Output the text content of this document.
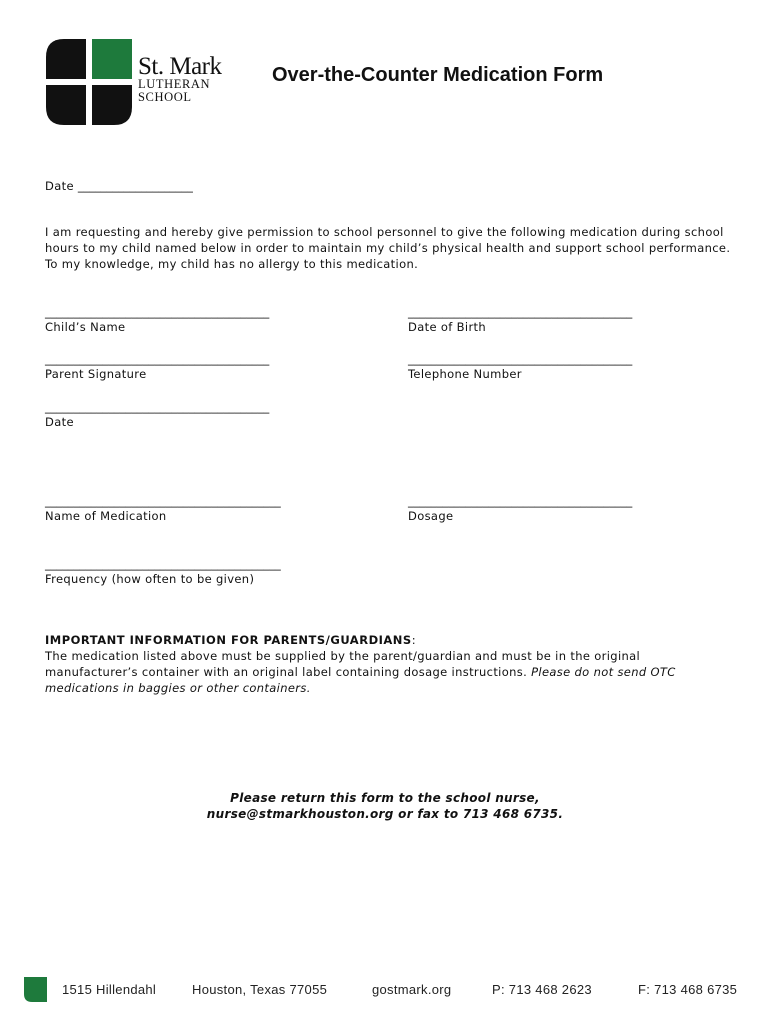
St. Mark
LUTHERAN
SCHOOL
Over-the-Counter Medication Form
Date ____________________
I am requesting and hereby give permission to school personnel to give the following medication during school hours to my child named below in order to maintain my child’s physical health and support school performance. To my knowledge, my child has no allergy to this medication.
_______________________________________
Child’s Name
_______________________________________
Date of Birth
_______________________________________
Parent Signature
_______________________________________
Telephone Number
_______________________________________
Date
_________________________________________
Name of Medication
_______________________________________
Dosage
_________________________________________
Frequency (how often to be given)
IMPORTANT INFORMATION FOR PARENTS/GUARDIANS:
The medication listed above must be supplied by the parent/guardian and must be in the original manufacturer’s container with an original label containing dosage instructions. Please do not send OTC medications in baggies or other containers.
Please return this form to the school nurse,
nurse@stmarkhouston.org or fax to 713 468 6735.
1515 Hillendahl	Houston, Texas 77055	gostmark.org	P: 713 468 2623	F: 713 468 6735
